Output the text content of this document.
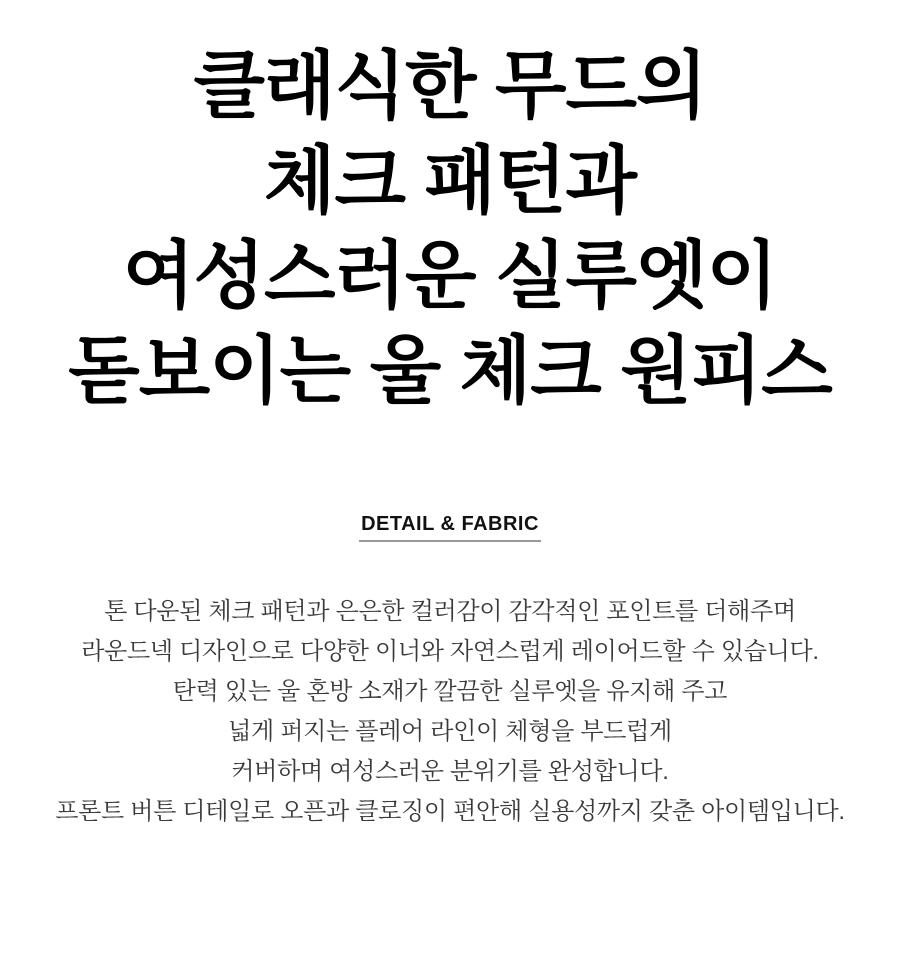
클래식한 무드의
체크 패턴과
여성스러운 실루엣이
돋보이는 울 체크 원피스
DETAIL & FABRIC

톤 다운된 체크 패턴과 은은한 컬러감이 감각적인 포인트를 더해주며

라운드넥 디자인으로 다양한 이너와 자연스럽게 레이어드할 수 있습니다.

탄력 있는 울 혼방 소재가 깔끔한 실루엣을 유지해 주고

넓게 퍼지는 플레어 라인이 체형을 부드럽게

커버하며 여성스러운 분위기를 완성합니다.

프론트 버튼 디테일로 오픈과 클로징이 편안해 실용성까지 갖춘 아이템입니다.
